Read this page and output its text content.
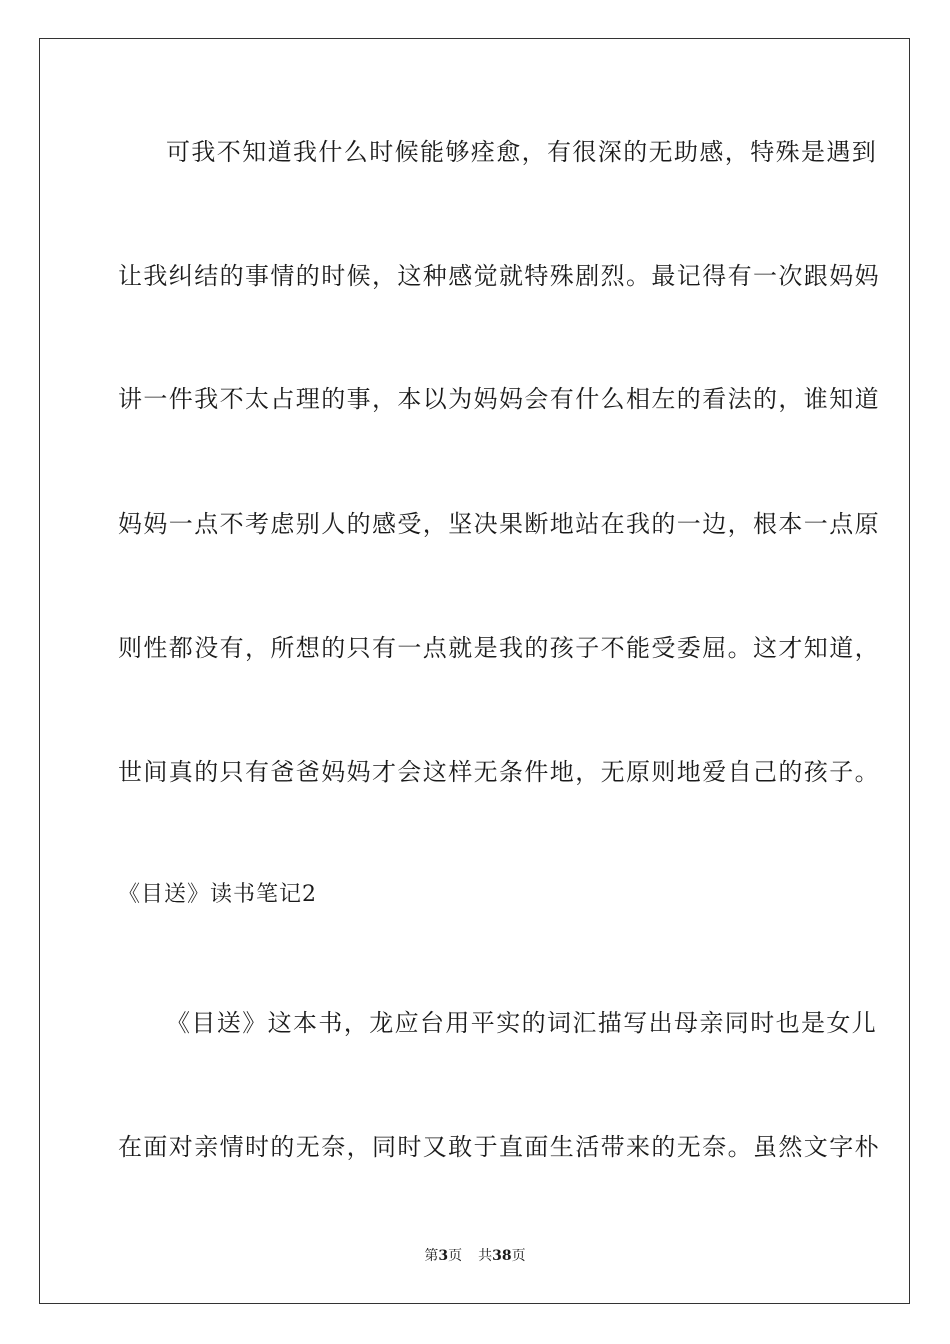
可我不知道我什么时候能够痊愈，有很深的无助感，特殊是遇到
让我纠结的事情的时候，这种感觉就特殊剧烈。最记得有一次跟妈妈
讲一件我不太占理的事，本以为妈妈会有什么相左的看法的，谁知道
妈妈一点不考虑别人的感受，坚决果断地站在我的一边，根本一点原
则性都没有，所想的只有一点就是我的孩子不能受委屈。这才知道，
世间真的只有爸爸妈妈才会这样无条件地，无原则地爱自己的孩子。
《目送》读书笔记2
《目送》这本书，龙应台用平实的词汇描写出母亲同时也是女儿
在面对亲情时的无奈，同时又敢于直面生活带来的无奈。虽然文字朴
第3页 共38页
